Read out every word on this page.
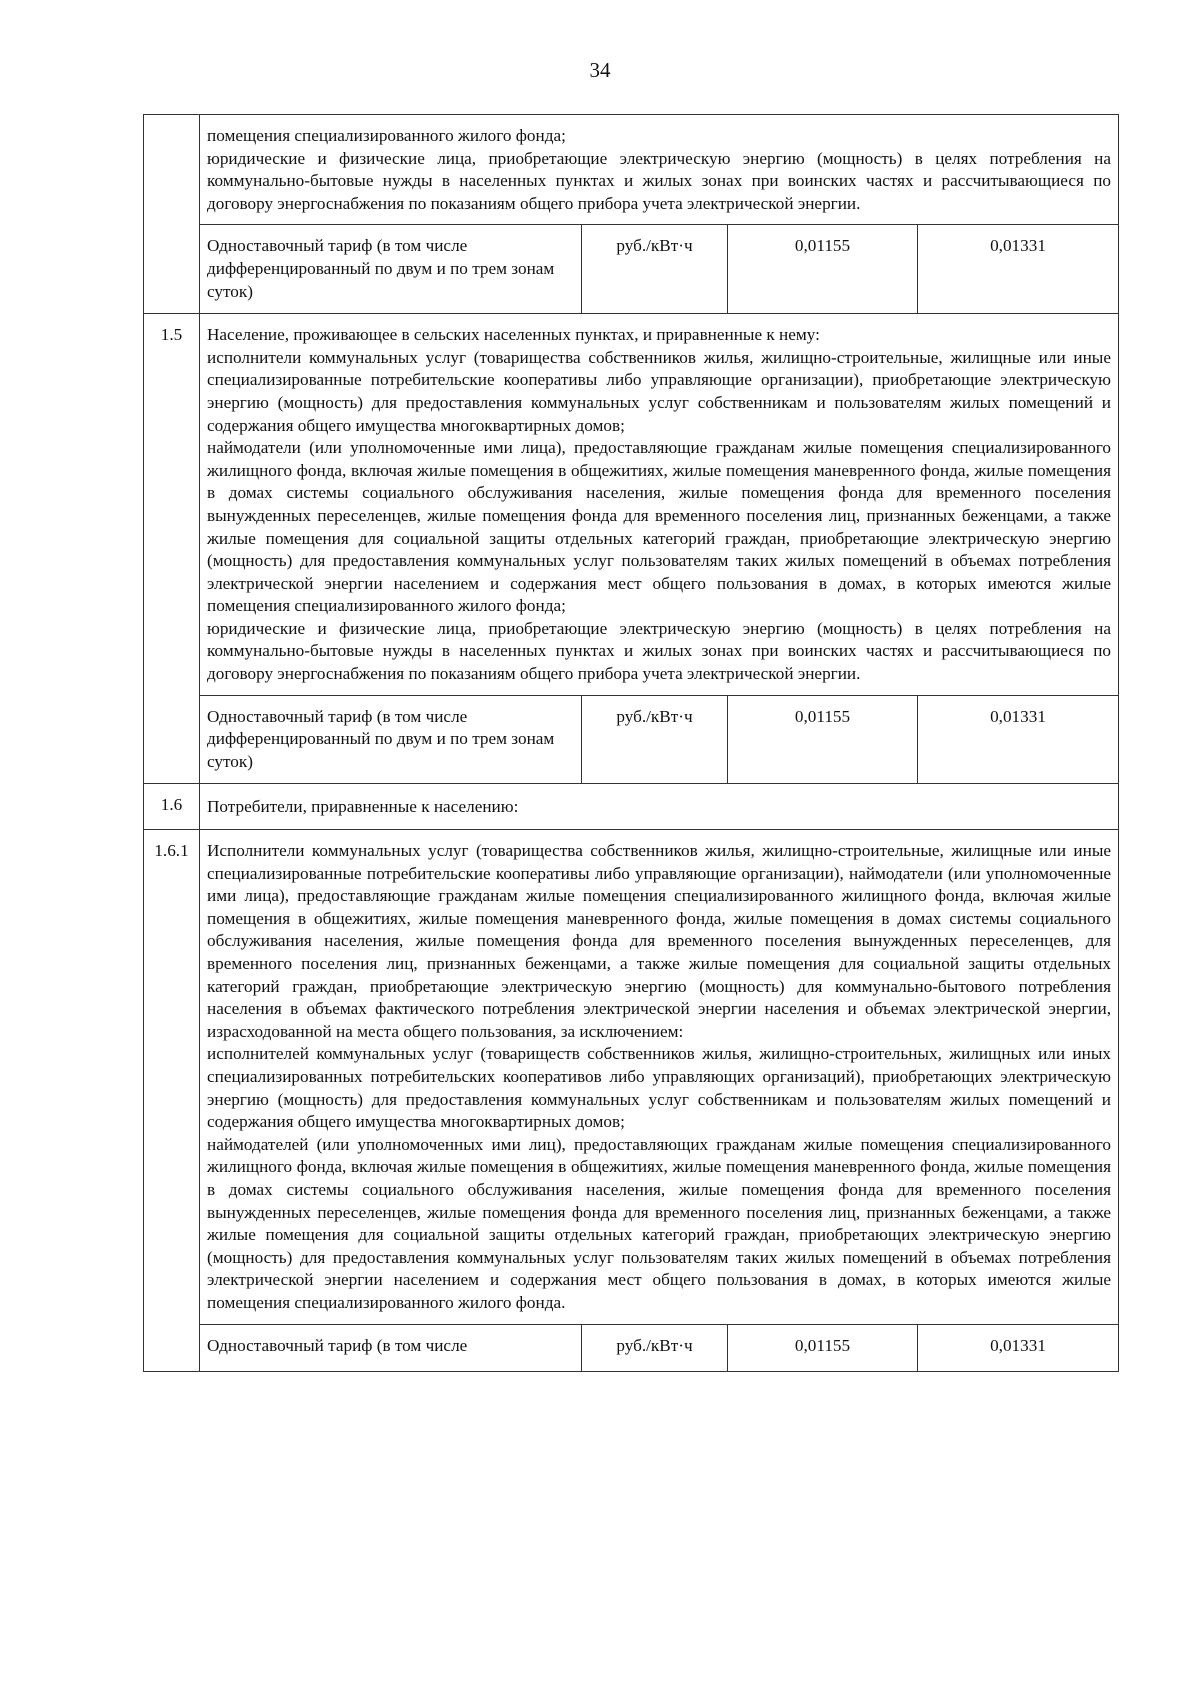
34

	помещения специализированного жилого фонда;

юридические и физические лица, приобретающие электрическую энергию (мощность) в целях потребления на коммунально-бытовые нужды в населенных пунктах и жилых зонах при воинских частях и рассчитывающиеся по договору энергоснабжения по показаниям общего прибора учета электрической энергии.			

	Одноставочный тариф (в том числе дифференцированный по двум и по трем зонам суток)	руб./кВт·ч	0,01155	0,01331
1.5	Население, проживающее в сельских населенных пунктах, и приравненные к нему:

исполнители коммунальных услуг (товарищества собственников жилья, жилищно-строительные, жилищные или иные специализированные потребительские кооперативы либо управляющие организации), приобретающие электрическую энергию (мощность) для предоставления коммунальных услуг собственникам и пользователям жилых помещений и содержания общего имущества многоквартирных домов;

наймодатели (или уполномоченные ими лица), предоставляющие гражданам жилые помещения специализированного жилищного фонда, включая жилые помещения в общежитиях, жилые помещения маневренного фонда, жилые помещения в домах системы социального обслуживания населения, жилые помещения фонда для временного поселения вынужденных переселенцев, жилые помещения фонда для временного поселения лиц, признанных беженцами, а также жилые помещения для социальной защиты отдельных категорий граждан, приобретающие электрическую энергию (мощность) для предоставления коммунальных услуг пользователям таких жилых помещений в объемах потребления электрической энергии населением и содержания мест общего пользования в домах, в которых имеются жилые помещения специализированного жилого фонда;

юридические и физические лица, приобретающие электрическую энергию (мощность) в целях потребления на коммунально-бытовые нужды в населенных пунктах и жилых зонах при воинских частях и рассчитывающиеся по договору энергоснабжения по показаниям общего прибора учета электрической энергии.			

	Одноставочный тариф (в том числе дифференцированный по двум и по трем зонам суток)	руб./кВт·ч	0,01155	0,01331
1.6	Потребители, приравненные к населению:			
1.6.1	Исполнители коммунальных услуг (товарищества собственников жилья, жилищно-строительные, жилищные или иные специализированные потребительские кооперативы либо управляющие организации), наймодатели (или уполномоченные ими лица), предоставляющие гражданам жилые помещения специализированного жилищного фонда, включая жилые помещения в общежитиях, жилые помещения маневренного фонда, жилые помещения в домах системы социального обслуживания населения, жилые помещения фонда для временного поселения вынужденных переселенцев, для временного поселения лиц, признанных беженцами, а также жилые помещения для социальной защиты отдельных категорий граждан, приобретающие электрическую энергию (мощность) для коммунально-бытового потребления населения в объемах фактического потребления электрической энергии населения и объемах электрической энергии, израсходованной на места общего пользования, за исключением:

исполнителей коммунальных услуг (товариществ собственников жилья, жилищно-строительных, жилищных или иных специализированных потребительских кооперативов либо управляющих организаций), приобретающих электрическую энергию (мощность) для предоставления коммунальных услуг собственникам и пользователям жилых помещений и содержания общего имущества многоквартирных домов;

наймодателей (или уполномоченных ими лиц), предоставляющих гражданам жилые помещения специализированного жилищного фонда, включая жилые помещения в общежитиях, жилые помещения маневренного фонда, жилые помещения в домах системы социального обслуживания населения, жилые помещения фонда для временного поселения вынужденных переселенцев, жилые помещения фонда для временного поселения лиц, признанных беженцами, а также жилые помещения для социальной защиты отдельных категорий граждан, приобретающих электрическую энергию (мощность) для предоставления коммунальных услуг пользователям таких жилых помещений в объемах потребления электрической энергии населением и содержания мест общего пользования в домах, в которых имеются жилые помещения специализированного жилого фонда.			

	Одноставочный тариф (в том числе	руб./кВт·ч	0,01155	0,01331
